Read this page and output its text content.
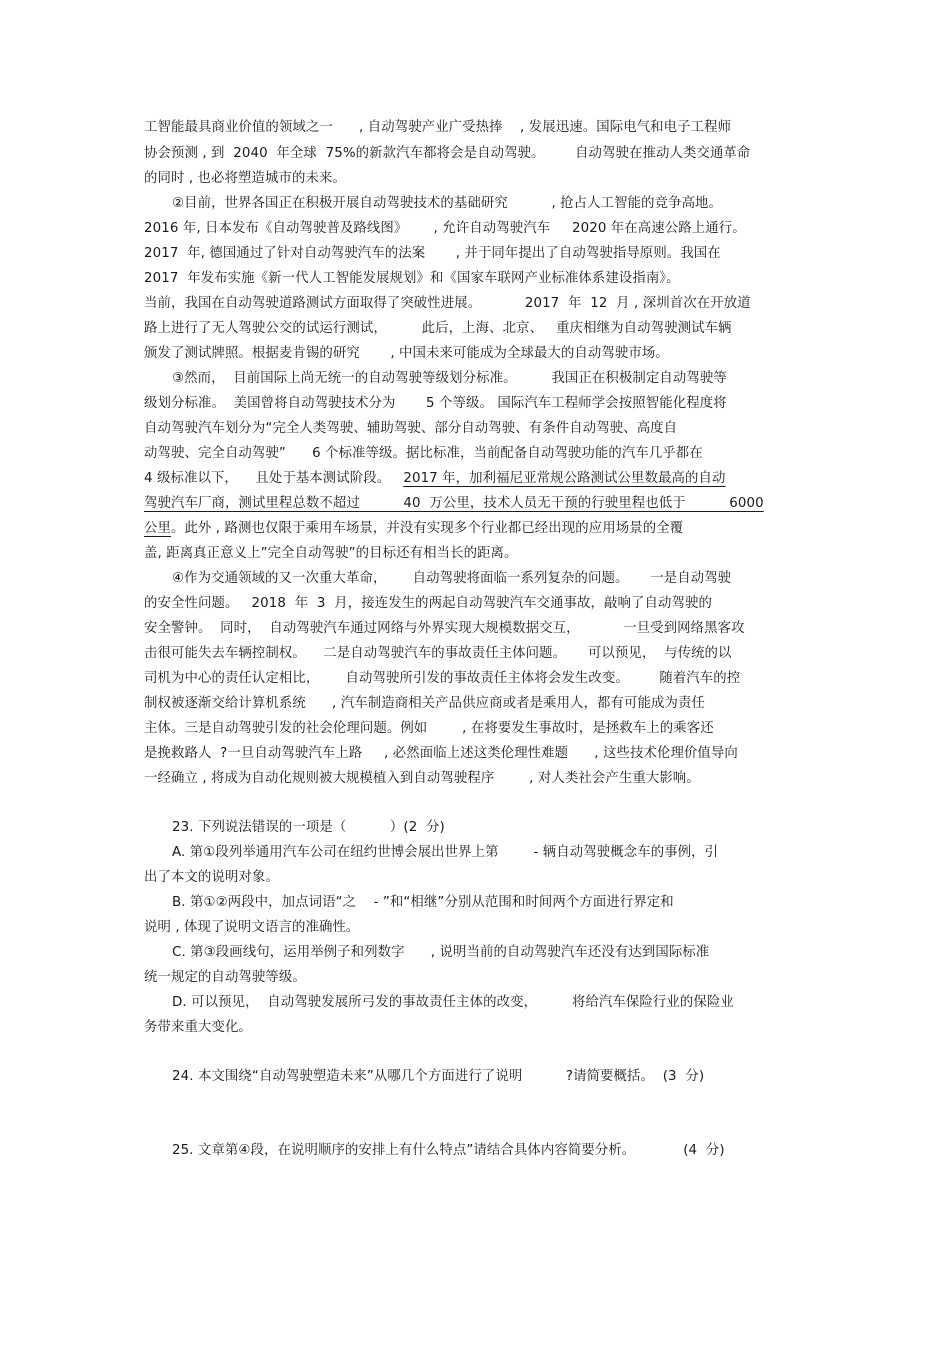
工智能最具商业价值的领域之一      , 自动驾驶产业广受热捧    , 发展迅速。国际电气和电子工程师
协会预测 , 到  2040  年全球  75%的新款汽车都将会是自动驾驶。       自动驾驶在推动人类交通革命
的同时 , 也必将塑造城市的未来。
②目前，世界各国正在积极开展自动驾驶技术的基础研究          , 抢占人工智能的竞争高地。
2016 年, 日本发布《自动驾驶普及路线图》      , 允许自动驾驶汽车     2020 年在高速公路上通行。
2017  年, 德国通过了针对自动驾驶汽车的法案       , 并于同年提出了自动驾驶指导原则。我国在
2017  年发布实施《新一代人工智能发展规划》和《国家车联网产业标准体系建设指南》。
当前，我国在自动驾驶道路测试方面取得了突破性进展。          2017  年  12  月 , 深圳首次在开放道
路上进行了无人驾驶公交的试运行测试，        此后，上海、北京、   重庆相继为自动驾驶测试车辆
颁发了测试牌照。根据麦肯锡的研究       , 中国未来可能成为全球最大的自动驾驶市场。
③然而，  目前国际上尚无统一的自动驾驶等级划分标准。        我国正在积极制定自动驾驶等
级划分标准。  美国曾将自动驾驶技术分为       5 个等级。 国际汽车工程师学会按照智能化程度将
自动驾驶汽车划分为“完全人类驾驶、辅助驾驶、部分自动驾驶、有条件自动驾驶、高度自
动驾驶、完全自动驾驶”      6 个标准等级。据比标准，当前配备自动驾驶功能的汽车几乎都在
4 级标准以下，    且处于基本测试阶段。   2017 年，加利福尼亚常规公路测试公里数最高的自动
驾驶汽车厂商，测试里程总数不超过          40  万公里，技术人员无干预的行驶里程也低于          6000
公里。此外 , 路测也仅限于乘用车场景，并没有实现多个行业都已经出现的应用场景的全覆
盖, 距离真正意义上”完全自动驾驶”的目标还有相当长的距离。
④作为交通领域的又一次重大革命，      自动驾驶将面临一系列复杂的问题。     一是自动驾驶
的安全性问题。   2018  年  3  月，接连发生的两起自动驾驶汽车交通事故，敲响了自动驾驶的
安全警钟。  同时，  自动驾驶汽车通过网络与外界实现大规模数据交互，          一旦受到网络黑客攻
击很可能失去车辆控制权。    二是自动驾驶汽车的事故责任主体问题。     可以预见，  与传统的以
司机为中心的责任认定相比，      自动驾驶所引发的事故责任主体将会发生改变。       随着汽车的控
制权被逐渐交给计算机系统      , 汽车制造商相关产品供应商或者是乘用人，都有可能成为责任
主体。三是自动驾驶引发的社会伦理问题。例如        , 在将要发生事故时，是拯救车上的乘客还
是挽救路人  ?一旦自动驾驶汽车上路     , 必然面临上述这类伦理性难题      , 这些技术伦理价值导向
一经确立 , 将成为自动化规则被大规模植入到自动驾驶程序        , 对人类社会产生重大影响。
23. 下列说法错误的一项是（          ）(2  分)
A. 第①段列举通用汽车公司在纽约世博会展出世界上第        - 辆自动驾驶概念车的事例，引
出了本文的说明对象。
B. 第①②两段中，加点词语“之    - ”和“相继”分别从范围和时间两个方面进行界定和
说明 , 体现了说明文语言的准确性。
C. 第③段画线句，运用举例子和列数字      , 说明当前的自动驾驶汽车还没有达到国际标准
统一规定的自动驾驶等级。
D. 可以预见，  自动驾驶发展所弓发的事故责任主体的改变，        将给汽车保险行业的保险业
务带来重大变化。
24. 本文围绕“自动驾驶塑造未来”从哪几个方面进行了说明          ?请简要概括。  (3  分)
25. 文章第④段，在说明顺序的安排上有什么特点”请结合具体内容简要分析。           (4  分)
